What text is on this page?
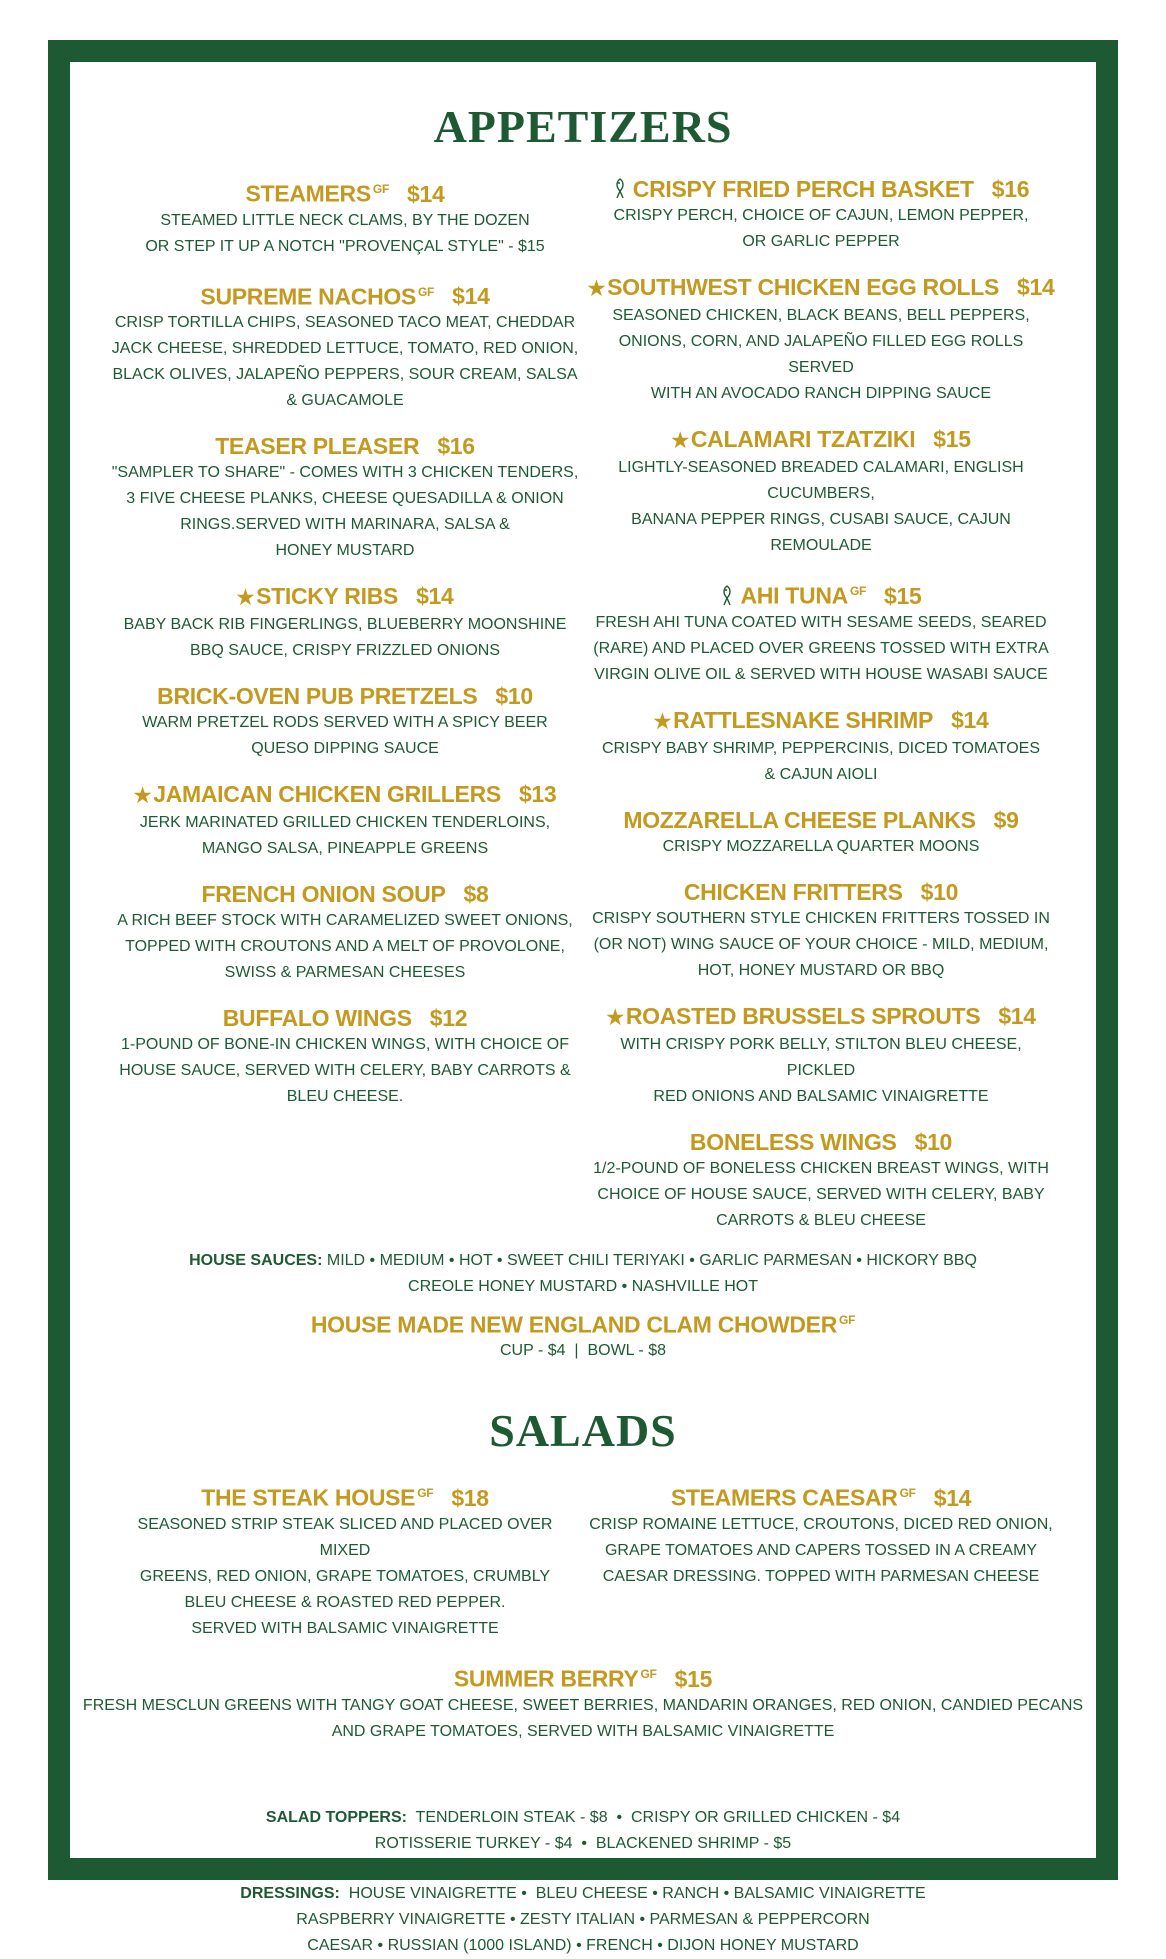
APPETIZERS
STEAMERS $^{GF}$ $14
STEAMED LITTLE NECK CLAMS, BY THE DOZEN
OR STEP IT UP A NOTCH "PROVENÇAL STYLE" - $15
SUPREME NACHOS $^{GF}$ $14
CRISP TORTILLA CHIPS, SEASONED TACO MEAT, CHEDDAR
JACK CHEESE, SHREDDED LETTUCE, TOMATO, RED ONION,
BLACK OLIVES, JALAPEÑO PEPPERS, SOUR CREAM, SALSA
& GUACAMOLE
TEASER PLEASER $16
"SAMPLER TO SHARE" - COMES WITH 3 CHICKEN TENDERS,
3 FIVE CHEESE PLANKS, CHEESE QUESADILLA & ONION
RINGS.SERVED WITH MARINARA, SALSA &
HONEY MUSTARD
★STICKY RIBS $14
BABY BACK RIB FINGERLINGS, BLUEBERRY MOONSHINE
BBQ SAUCE, CRISPY FRIZZLED ONIONS
BRICK-OVEN PUB PRETZELS $10
WARM PRETZEL RODS SERVED WITH A SPICY BEER
QUESO DIPPING SAUCE
★JAMAICAN CHICKEN GRILLERS $13
JERK MARINATED GRILLED CHICKEN TENDERLOINS,
MANGO SALSA, PINEAPPLE GREENS
FRENCH ONION SOUP $8
A RICH BEEF STOCK WITH CARAMELIZED SWEET ONIONS,
TOPPED WITH CROUTONS AND A MELT OF PROVOLONE,
SWISS & PARMESAN CHEESES
BUFFALO WINGS $12
1-POUND OF BONE-IN CHICKEN WINGS, WITH CHOICE OF
HOUSE SAUCE, SERVED WITH CELERY, BABY CARROTS &
BLEU CHEESE.
CRISPY FRIED PERCH BASKET $16
CRISPY PERCH, CHOICE OF CAJUN, LEMON PEPPER,
OR GARLIC PEPPER
★SOUTHWEST CHICKEN EGG ROLLS $14
SEASONED CHICKEN, BLACK BEANS, BELL PEPPERS,
ONIONS, CORN, AND JALAPEÑO FILLED EGG ROLLS SERVED
WITH AN AVOCADO RANCH DIPPING SAUCE
★CALAMARI TZATZIKI $15
LIGHTLY-SEASONED BREADED CALAMARI, ENGLISH CUCUMBERS,
BANANA PEPPER RINGS, CUSABI SAUCE, CAJUN REMOULADE
AHI TUNA $^{GF}$ $15
FRESH AHI TUNA COATED WITH SESAME SEEDS, SEARED
(RARE) AND PLACED OVER GREENS TOSSED WITH EXTRA
VIRGIN OLIVE OIL & SERVED WITH HOUSE WASABI SAUCE
★RATTLESNAKE SHRIMP $14
CRISPY BABY SHRIMP, PEPPERCINIS, DICED TOMATOES
& CAJUN AIOLI
MOZZARELLA CHEESE PLANKS $9
CRISPY MOZZARELLA QUARTER MOONS
CHICKEN FRITTERS $10
CRISPY SOUTHERN STYLE CHICKEN FRITTERS TOSSED IN
(OR NOT) WING SAUCE OF YOUR CHOICE - MILD, MEDIUM,
HOT, HONEY MUSTARD OR BBQ
★ROASTED BRUSSELS SPROUTS $14
WITH CRISPY PORK BELLY, STILTON BLEU CHEESE, PICKLED
RED ONIONS AND BALSAMIC VINAIGRETTE
BONELESS WINGS $10
1/2-POUND OF BONELESS CHICKEN BREAST WINGS, WITH
CHOICE OF HOUSE SAUCE, SERVED WITH CELERY, BABY
CARROTS & BLEU CHEESE
HOUSE SAUCES: MILD • MEDIUM • HOT • SWEET CHILI TERIYAKI • GARLIC PARMESAN • HICKORY BBQ
CREOLE HONEY MUSTARD • NASHVILLE HOT
HOUSE MADE NEW ENGLAND CLAM CHOWDER $^{GF}$
CUP - $4  |  BOWL - $8
SALADS
THE STEAK HOUSE $^{GF}$ $18
SEASONED STRIP STEAK SLICED AND PLACED OVER MIXED
GREENS, RED ONION, GRAPE TOMATOES, CRUMBLY
BLEU CHEESE & ROASTED RED PEPPER.
SERVED WITH BALSAMIC VINAIGRETTE
STEAMERS CAESAR $^{GF}$ $14
CRISP ROMAINE LETTUCE, CROUTONS, DICED RED ONION,
GRAPE TOMATOES AND CAPERS TOSSED IN A CREAMY
CAESAR DRESSING. TOPPED WITH PARMESAN CHEESE
SUMMER BERRY $^{GF}$ $15
FRESH MESCLUN GREENS WITH TANGY GOAT CHEESE, SWEET BERRIES, MANDARIN ORANGES, RED ONION, CANDIED PECANS
AND GRAPE TOMATOES, SERVED WITH BALSAMIC VINAIGRETTE
SALAD TOPPERS:  TENDERLOIN STEAK - $8  •  CRISPY OR GRILLED CHICKEN - $4
ROTISSERIE TURKEY - $4  •  BLACKENED SHRIMP - $5
DRESSINGS:  HOUSE VINAIGRETTE •  BLEU CHEESE • RANCH • BALSAMIC VINAIGRETTE
RASPBERRY VINAIGRETTE • ZESTY ITALIAN • PARMESAN & PEPPERCORN
CAESAR • RUSSIAN (1000 ISLAND) • FRENCH • DIJON HONEY MUSTARD
